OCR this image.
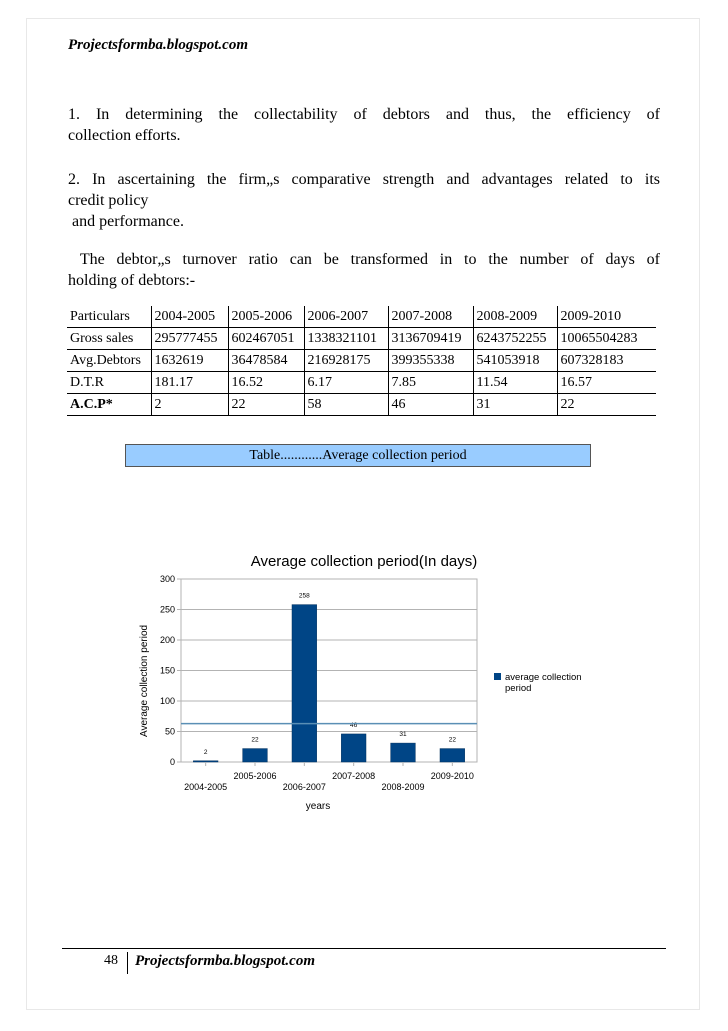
Projectsformba.blogspot.com
1. In determining the collectability of debtors and thus, the efficiency of
collection efforts.
2. In ascertaining the firm„s comparative strength and advantages related to its
credit policy
and performance.
The debtor„s turnover ratio can be transformed in to the number of days of
holding of debtors:-
Particulars	2004-2005	2005-2006	2006-2007	2007-2008	2008-2009	2009-2010
Gross sales	295777455	602467051	1338321101	3136709419	6243752255	10065504283
Avg.Debtors	1632619	36478584	216928175	399355338	541053918	607328183
D.T.R	181.17	16.52	6.17	7.85	11.54	16.57
A.C.P*	2	22	58	46	31	22
Table............Average collection period
Average collection period(In days)
Average collection period
years
0
50
100
150
200
250
300
2
22
258
46
31
22
2004-2005
2005-2006
2006-2007
2007-2008
2008-2009
2009-2010
average collection
period
48 Projectsformba.blogspot.com
